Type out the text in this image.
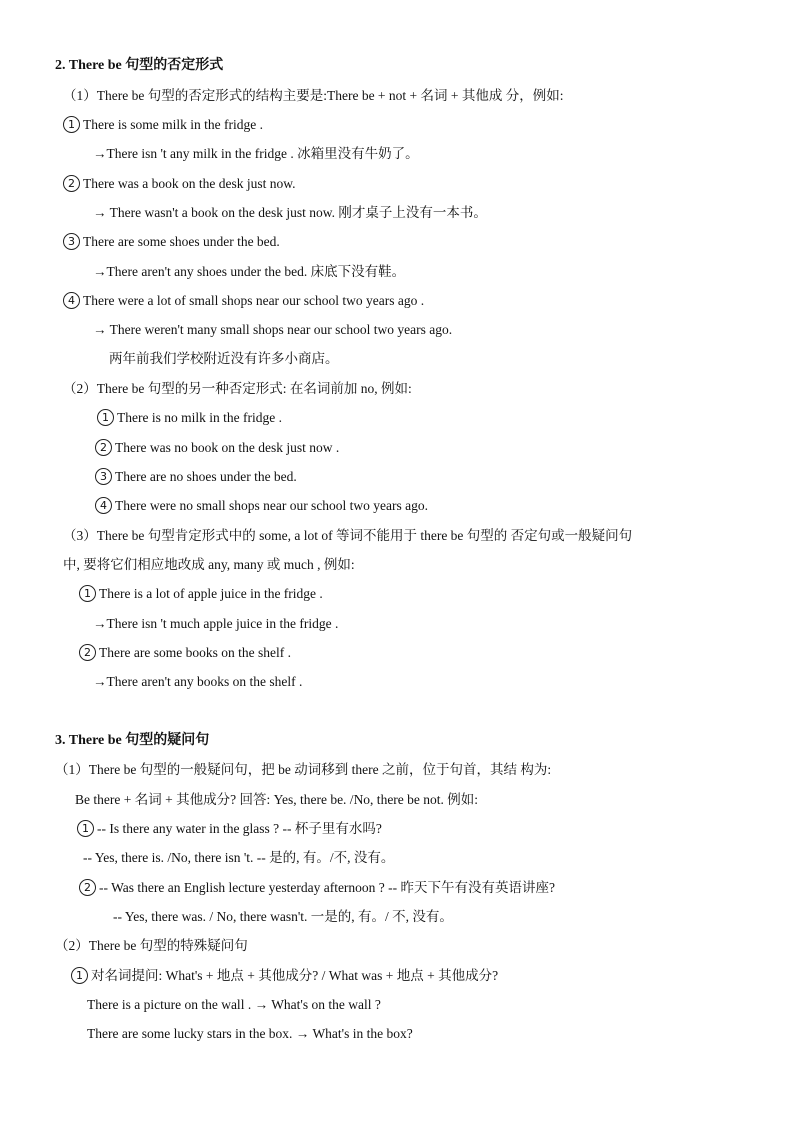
2. There be 句型的否定形式
（1）There be 句型的否定形式的结构主要是:There be + not + 名词 + 其他成 分，例如:
1 There is some milk in the fridge .
→There isn 't any milk in the fridge . 冰箱里没有牛奶了。
2 There was a book on the desk just now.
→ There wasn't a book on the desk just now. 刚才桌子上没有一本书。
3 There are some shoes under the bed.
→There aren't any shoes under the bed. 床底下没有鞋。
4 There were a lot of small shops near our school two years ago .
→ There weren't many small shops near our school two years ago.
两年前我们学校附近没有许多小商店。
（2）There be 句型的另一种否定形式: 在名词前加 no, 例如:
1 There is no milk in the fridge .
2 There was no book on the desk just now .
3 There are no shoes under the bed.
4 There were no small shops near our school two years ago.
（3）There be 句型肯定形式中的 some, a lot of 等词不能用于 there be 句型的 否定句或一般疑问句
中, 要将它们相应地改成 any, many 或 much , 例如:
1 There is a lot of apple juice in the fridge .
→There isn 't much apple juice in the fridge .
2 There are some books on the shelf .
→There aren't any books on the shelf .
3. There be 句型的疑问句
（1）There be 句型的一般疑问句，把 be 动词移到 there 之前，位于句首，其结 构为:
Be there + 名词 + 其他成分? 回答: Yes, there be. /No, there be not. 例如:
1 -- Is there any water in the glass ? -- 杯子里有水吗?
-- Yes, there is. /No, there isn 't. -- 是的, 有。/不, 没有。
2 -- Was there an English lecture yesterday afternoon ? -- 昨天下午有没有英语讲座?
-- Yes, there was. / No, there wasn't. 一是的, 有。/ 不, 没有。
（2）There be 句型的特殊疑问句
1 对名词提问: What's + 地点 + 其他成分? / What was + 地点 + 其他成分?
There is a picture on the wall . → What's on the wall ?
There are some lucky stars in the box. → What's in the box?
